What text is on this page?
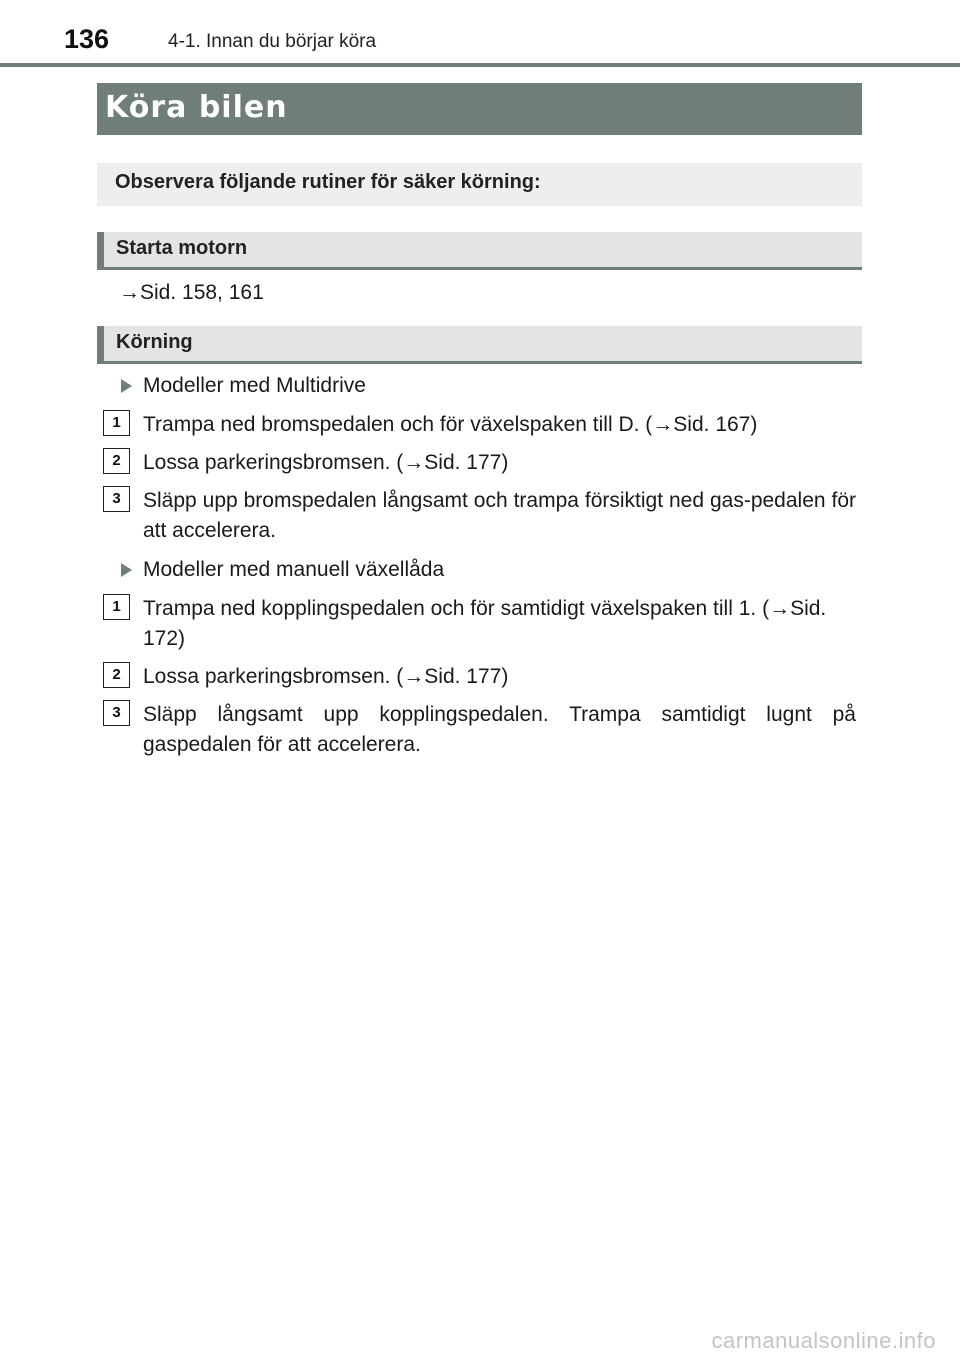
136	4-1. Innan du börjar köra
Köra bilen
Observera följande rutiner för säker körning:
Starta motorn
→Sid. 158, 161
Körning
Modeller med Multidrive
1	Trampa ned bromspedalen och för växelspaken till D. (→Sid. 167)
2	Lossa parkeringsbromsen. (→Sid. 177)
3	Släpp upp bromspedalen långsamt och trampa försiktigt ned gas-pedalen för att accelerera.
Modeller med manuell växellåda
1	Trampa ned kopplingspedalen och för samtidigt växelspaken till 1. (→Sid. 172)
2	Lossa parkeringsbromsen. (→Sid. 177)
3	Släpp långsamt upp kopplingspedalen. Trampa samtidigt lugnt på gaspedalen för att accelerera.
carmanualsonline.info
